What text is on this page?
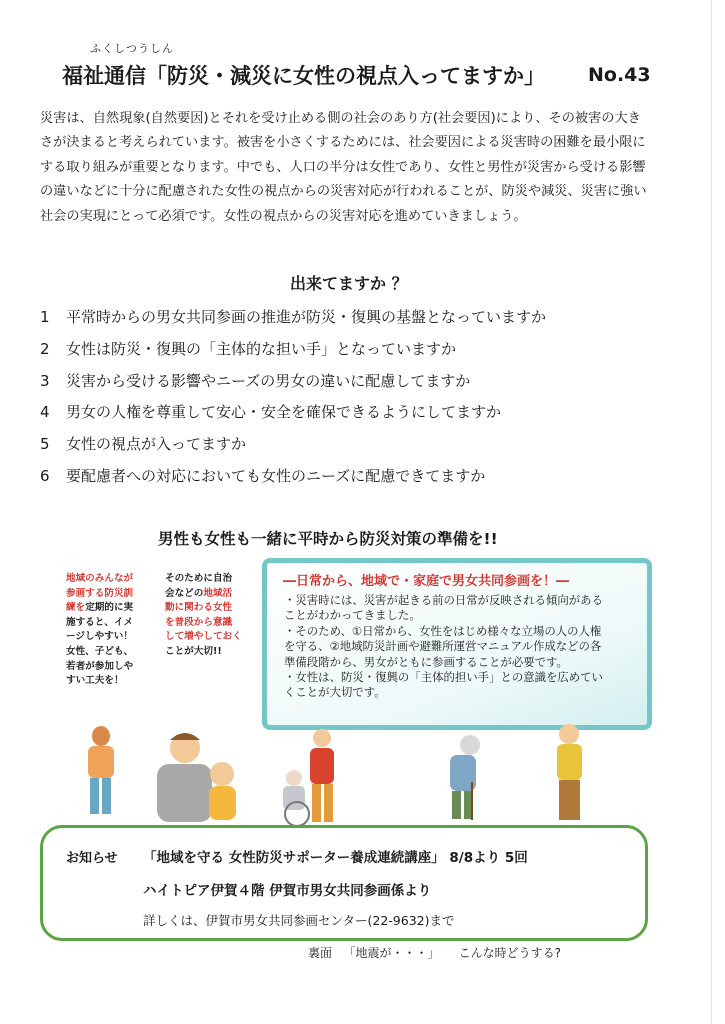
ふくしつうしん
福祉通信「防災・減災に女性の視点入ってますか」 No.43

災害は、自然現象(自然要因)とそれを受け止める側の社会のあり方(社会要因)により、その被害の大き

さが決まると考えられています。被害を小さくするためには、社会要因による災害時の困難を最小限に

する取り組みが重要となります。中でも、人口の半分は女性であり、女性と男性が災害から受ける影響

の違いなどに十分に配慮された女性の視点からの災害対応が行われることが、防災や減災、災害に強い

社会の実現にとって必須です。女性の視点からの災害対応を進めていきましょう。

出来てますか ？
1 平常時からの男女共同参画の推進が防災・復興の基盤となっていますか
2 女性は防災・復興の「主体的な担い手」となっていますか
3 災害から受ける影響やニーズの男女の違いに配慮してますか
4 男女の人権を尊重して安心・安全を確保できるようにしてますか
5 女性の視点が入ってますか
6 要配慮者への対応においても女性のニーズに配慮できてますか
男性も女性も一緒に平時から防災対策の準備を!!

地域のみんなが

参画する防災訓

練を定期的に実

施すると、イメ

ージしやすい！

女性、子ども、

若者が参加しや

すい工夫を！

そのために自治

会などの地域活

動に関わる女性

を普段から意識

して増やしておく

ことが大切!!

―日常から、地域で・家庭で男女共同参画を！―

・災害時には、災害が起きる前の日常が反映される傾向がある

ことがわかってきました。

・そのため、①日常から、女性をはじめ様々な立場の人の人権

を守る、②地域防災計画や避難所運営マニュアル作成などの各

準備段階から、男女がともに参画することが必要です。

・女性は、防災・復興の「主体的担い手」との意識を広めてい

くことが大切です。

お知らせ 「地域を守る 女性防災サポーター養成連続講座」 8/8より 5回
ハイトピア伊賀４階 伊賀市男女共同参画係より
詳しくは、伊賀市男女共同参画センター(22-9632)まで
裏面 「地震が・・・」 こんな時どうする?
